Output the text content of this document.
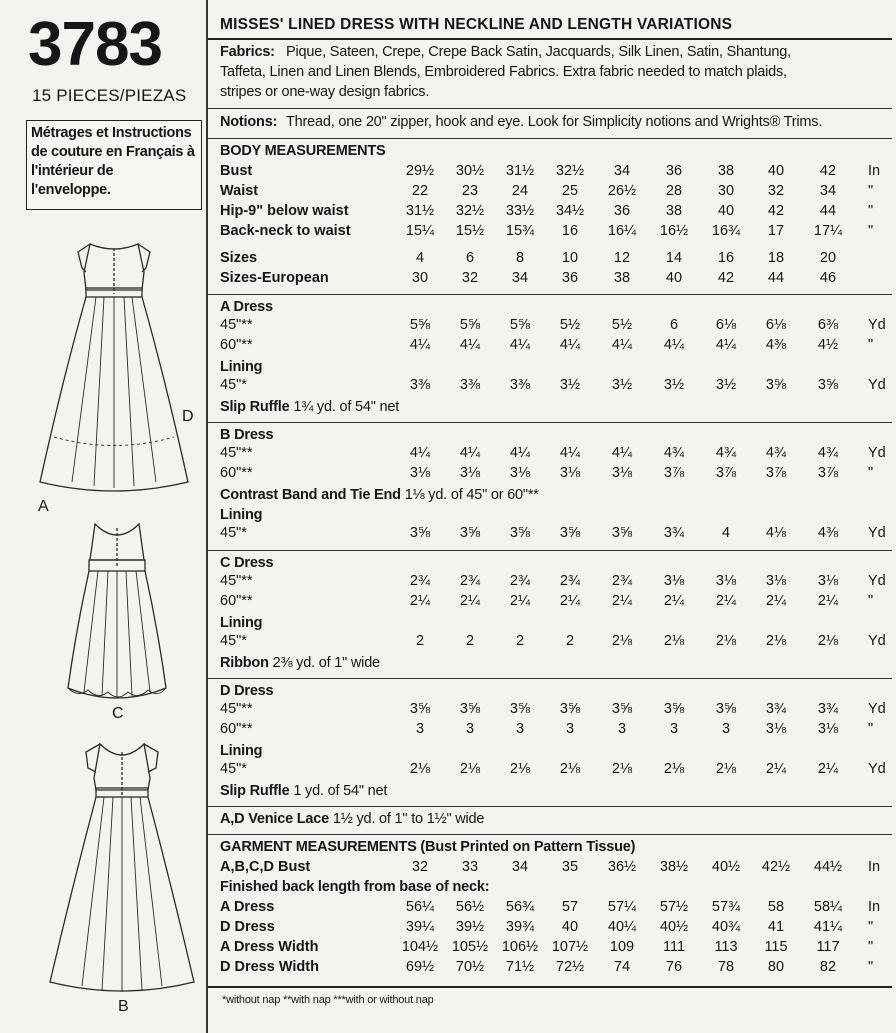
3783
15 PIECES/PIEZAS
Métrages et Instructions
de couture en Français à
l'intérieur de
l'enveloppe.
A
D
C
B
MISSES' LINED DRESS WITH NECKLINE AND LENGTH VARIATIONS
Fabrics: Pique, Sateen, Crepe, Crepe Back Satin, Jacquards, Silk Linen, Satin, Shantung,
Taffeta, Linen and Linen Blends, Embroidered Fabrics. Extra fabric needed to match plaids,
stripes or one-way design fabrics.
Notions: Thread, one 20" zipper, hook and eye. Look for Simplicity notions and Wrights® Trims.
BODY MEASUREMENTS
Bust	29½	30½	31½	32½	34	36	38	40	42	In
Waist	22	23	24	25	26½	28	30	32	34	"
Hip-9" below waist	31½	32½	33½	34½	36	38	40	42	44	"
Back-neck to waist	15¼	15½	15¾	16	16¼	16½	16¾	17	17¼	"
Sizes	4	6	8	10	12	14	16	18	20
Sizes-European	30	32	34	36	38	40	42	44	46
A Dress
45"**	5⅝	5⅝	5⅝	5½	5½	6	6⅛	6⅛	6⅜	Yd
60"**	4¼	4¼	4¼	4¼	4¼	4¼	4¼	4⅜	4½	"
Lining
45"*	3⅜	3⅜	3⅜	3½	3½	3½	3½	3⅝	3⅝	Yd
Slip Ruffle 1¾ yd. of 54" net
B Dress
45"**	4¼	4¼	4¼	4¼	4¼	4¾	4¾	4¾	4¾	Yd
60"**	3⅛	3⅛	3⅛	3⅛	3⅛	3⅞	3⅞	3⅞	3⅞	"
Contrast Band and Tie End 1⅛ yd. of 45" or 60"**
Lining
45"*	3⅝	3⅝	3⅝	3⅝	3⅝	3¾	4	4⅛	4⅜	Yd
C Dress
45"**	2¾	2¾	2¾	2¾	2¾	3⅛	3⅛	3⅛	3⅛	Yd
60"**	2¼	2¼	2¼	2¼	2¼	2¼	2¼	2¼	2¼	"
Lining
45"*	2	2	2	2	2⅛	2⅛	2⅛	2⅛	2⅛	Yd
Ribbon 2⅜ yd. of 1" wide
D Dress
45"**	3⅝	3⅝	3⅝	3⅝	3⅝	3⅝	3⅝	3¾	3¾	Yd
60"**	3	3	3	3	3	3	3	3⅛	3⅛	"
Lining
45"*	2⅛	2⅛	2⅛	2⅛	2⅛	2⅛	2⅛	2¼	2¼	Yd
Slip Ruffle 1 yd. of 54" net
A,D Venice Lace 1½ yd. of 1" to 1½" wide
GARMENT MEASUREMENTS (Bust Printed on Pattern Tissue)
A,B,C,D Bust	32	33	34	35	36½	38½	40½	42½	44½	In
Finished back length from base of neck:
A Dress	56¼	56½	56¾	57	57¼	57½	57¾	58	58¼	In
D Dress	39¼	39½	39¾	40	40¼	40½	40¾	41	41¼	"
A Dress Width	104½ 105½ 106½ 107½	109	111	113	115	117	"
D Dress Width	69½	70½	71½	72½	74	76	78	80	82	"
*without nap **with nap ***with or without nap
